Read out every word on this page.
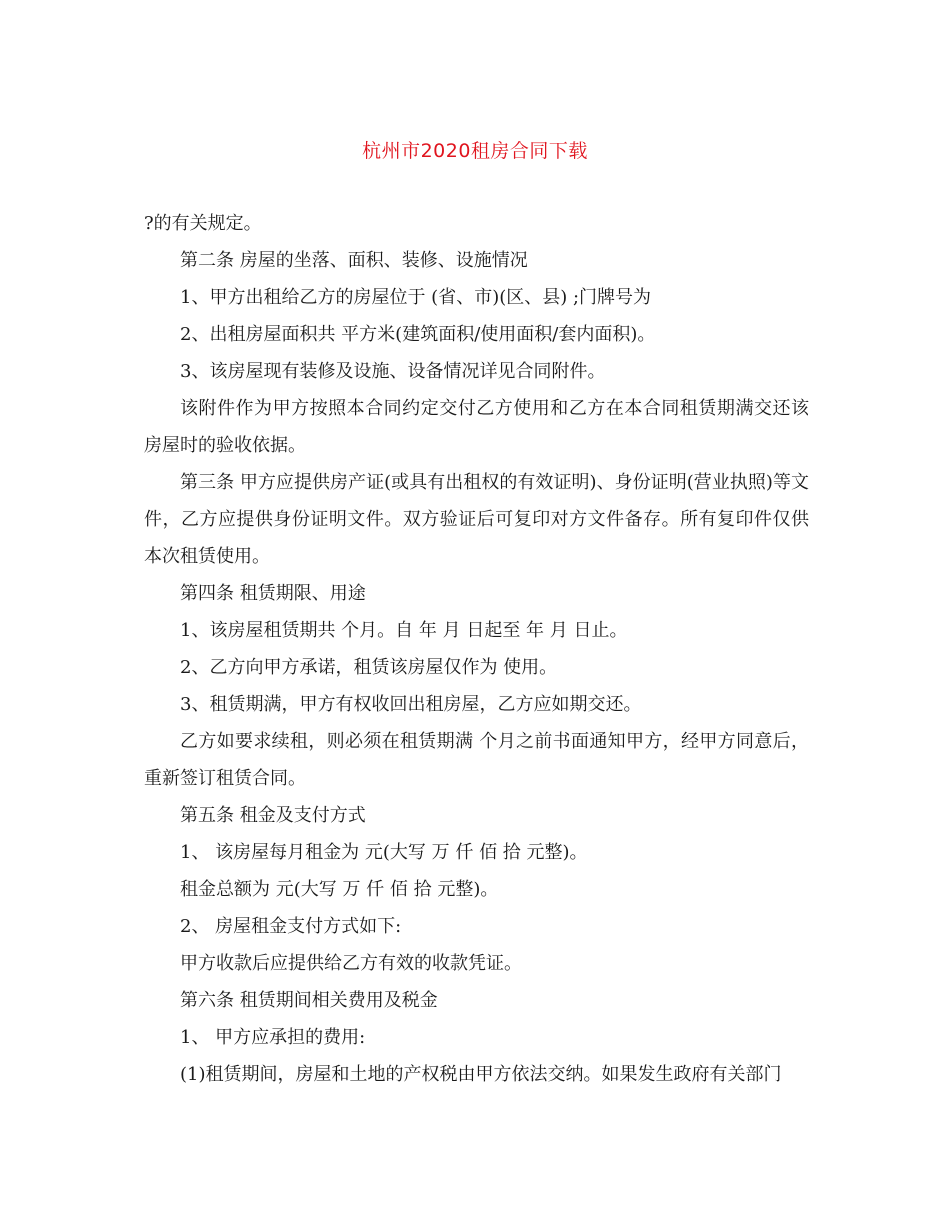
杭州市2020租房合同下载

?的有关规定。

第二条 房屋的坐落、面积、装修、设施情况

1、甲方出租给乙方的房屋位于 (省、市)(区、县) ;门牌号为

2、出租房屋面积共 平方米(建筑面积/使用面积/套内面积)。

3、该房屋现有装修及设施、设备情况详见合同附件。

该附件作为甲方按照本合同约定交付乙方使用和乙方在本合同租赁期满交还该房屋时的验收依据。

第三条 甲方应提供房产证(或具有出租权的有效证明)、身份证明(营业执照)等文件，乙方应提供身份证明文件。双方验证后可复印对方文件备存。所有复印件仅供本次租赁使用。

第四条 租赁期限、用途

1、该房屋租赁期共 个月。自 年 月 日起至 年 月 日止。

2、乙方向甲方承诺，租赁该房屋仅作为 使用。

3、租赁期满，甲方有权收回出租房屋，乙方应如期交还。

乙方如要求续租，则必须在租赁期满 个月之前书面通知甲方，经甲方同意后，重新签订租赁合同。

第五条 租金及支付方式

1、 该房屋每月租金为 元(大写 万 仟 佰 拾 元整)。

租金总额为 元(大写 万 仟 佰 拾 元整)。

2、 房屋租金支付方式如下:

甲方收款后应提供给乙方有效的收款凭证。

第六条 租赁期间相关费用及税金

1、 甲方应承担的费用:

(1)租赁期间，房屋和土地的产权税由甲方依法交纳。如果发生政府有关部门
